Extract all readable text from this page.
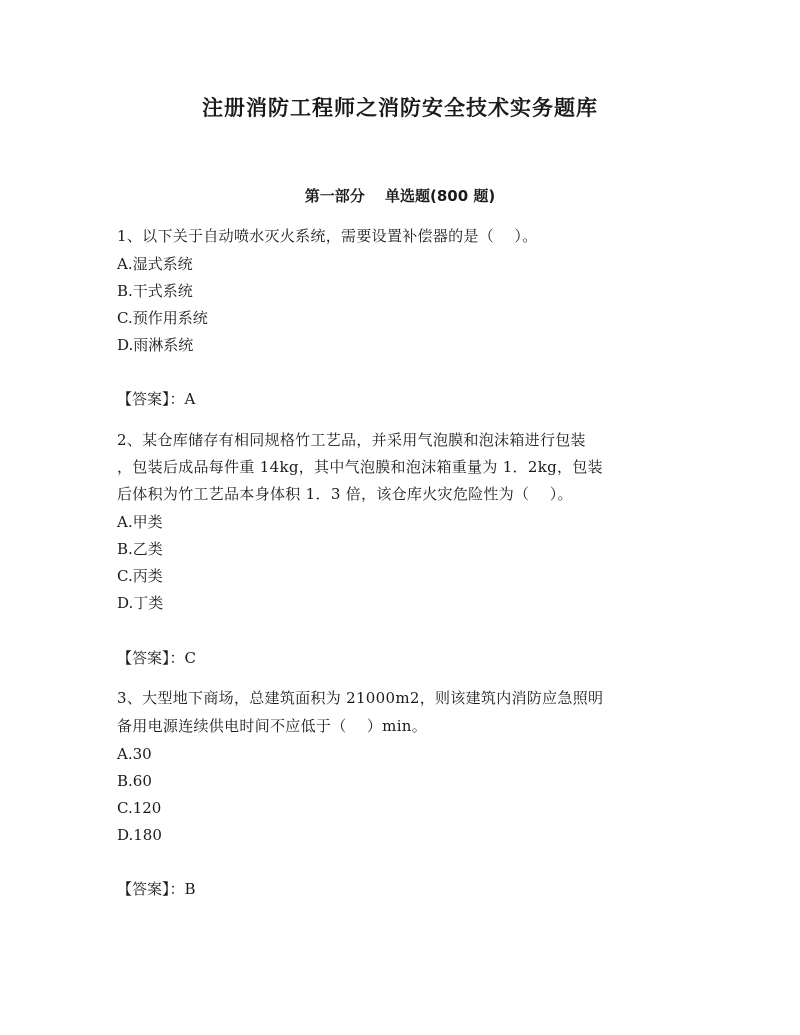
注册消防工程师之消防安全技术实务题库
第一部分　 单选题(800 题)
1、以下关于自动喷水灭火系统，需要设置补偿器的是（　 ）。
A.湿式系统
B.干式系统
C.预作用系统
D.雨淋系统
【答案】：A
2、某仓库储存有相同规格竹工艺品，并采用气泡膜和泡沫箱进行包装
，包装后成品每件重 14kg，其中气泡膜和泡沫箱重量为 1．2kg，包装
后体积为竹工艺品本身体积 1．3 倍，该仓库火灾危险性为（　 ）。
A.甲类
B.乙类
C.丙类
D.丁类
【答案】：C
3、大型地下商场，总建筑面积为 21000m2，则该建筑内消防应急照明
备用电源连续供电时间不应低于（　 ）min。
A.30
B.60
C.120
D.180
【答案】：B
